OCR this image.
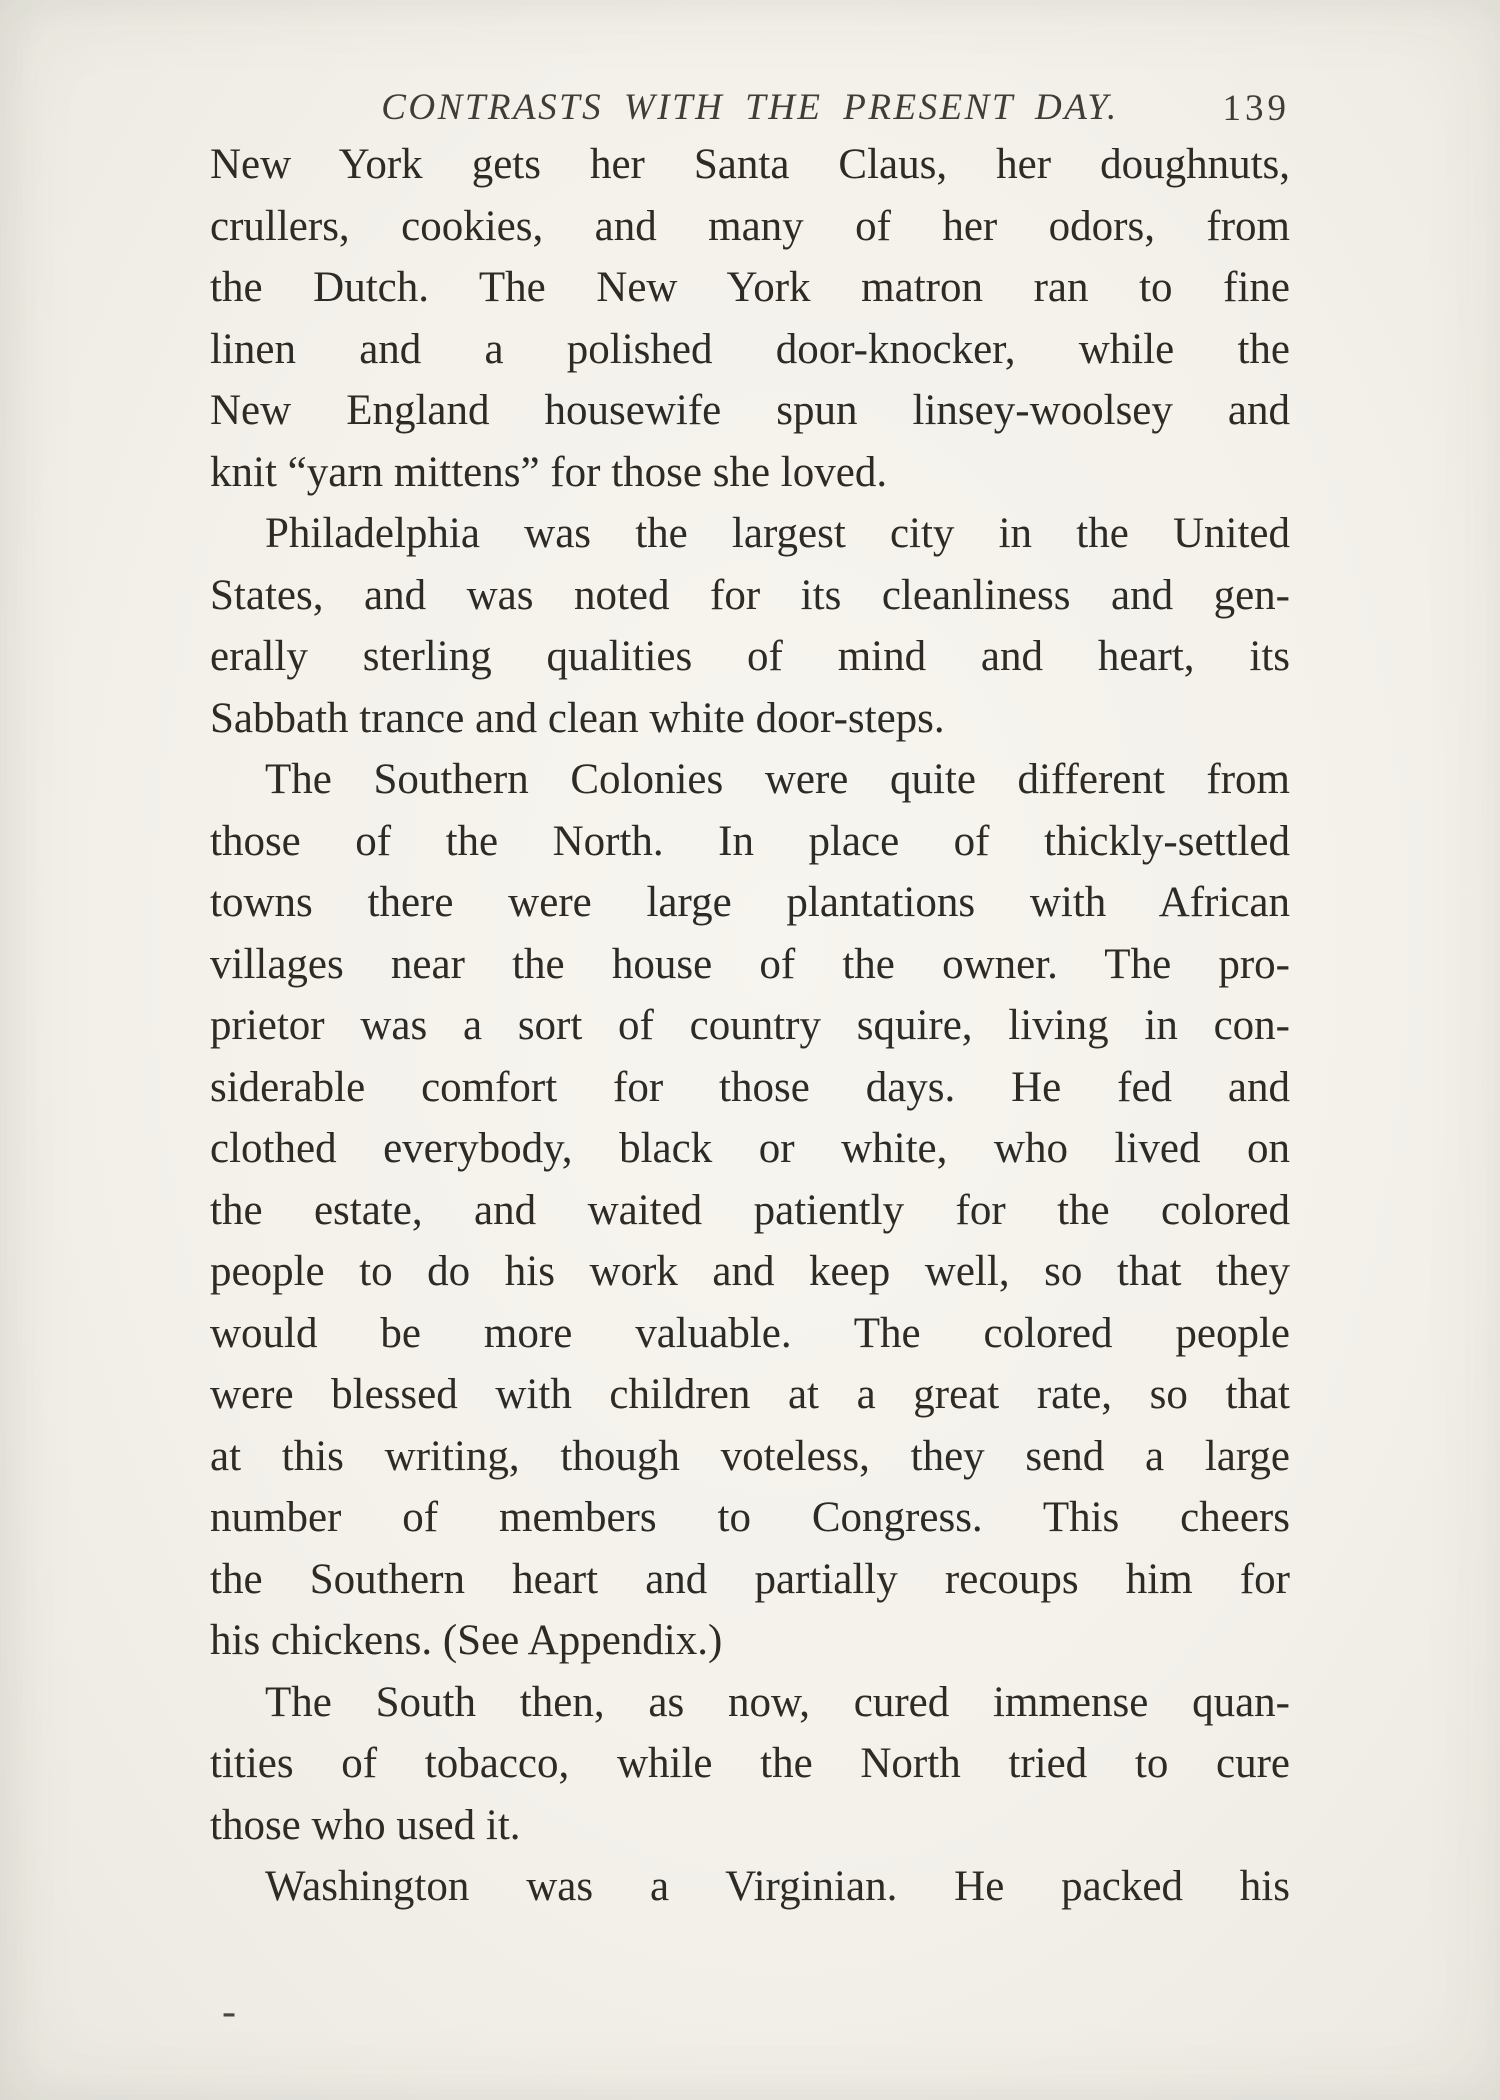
CONTRASTS WITH THE PRESENT DAY.	139
New York gets her Santa Claus, her doughnuts,
crullers, cookies, and many of her odors, from
the Dutch. The New York matron ran to fine
linen and a polished door-knocker, while the
New England housewife spun linsey-woolsey and
knit “yarn mittens” for those she loved.
Philadelphia was the largest city in the United
States, and was noted for its cleanliness and gen-
erally sterling qualities of mind and heart, its
Sabbath trance and clean white door-steps.
The Southern Colonies were quite different from
those of the North. In place of thickly-settled
towns there were large plantations with African
villages near the house of the owner. The pro-
prietor was a sort of country squire, living in con-
siderable comfort for those days. He fed and
clothed everybody, black or white, who lived on
the estate, and waited patiently for the colored
people to do his work and keep well, so that they
would be more valuable. The colored people
were blessed with children at a great rate, so that
at this writing, though voteless, they send a large
number of members to Congress. This cheers
the Southern heart and partially recoups him for
his chickens. (See Appendix.)
The South then, as now, cured immense quan-
tities of tobacco, while the North tried to cure
those who used it.
Washington was a Virginian. He packed his
-
